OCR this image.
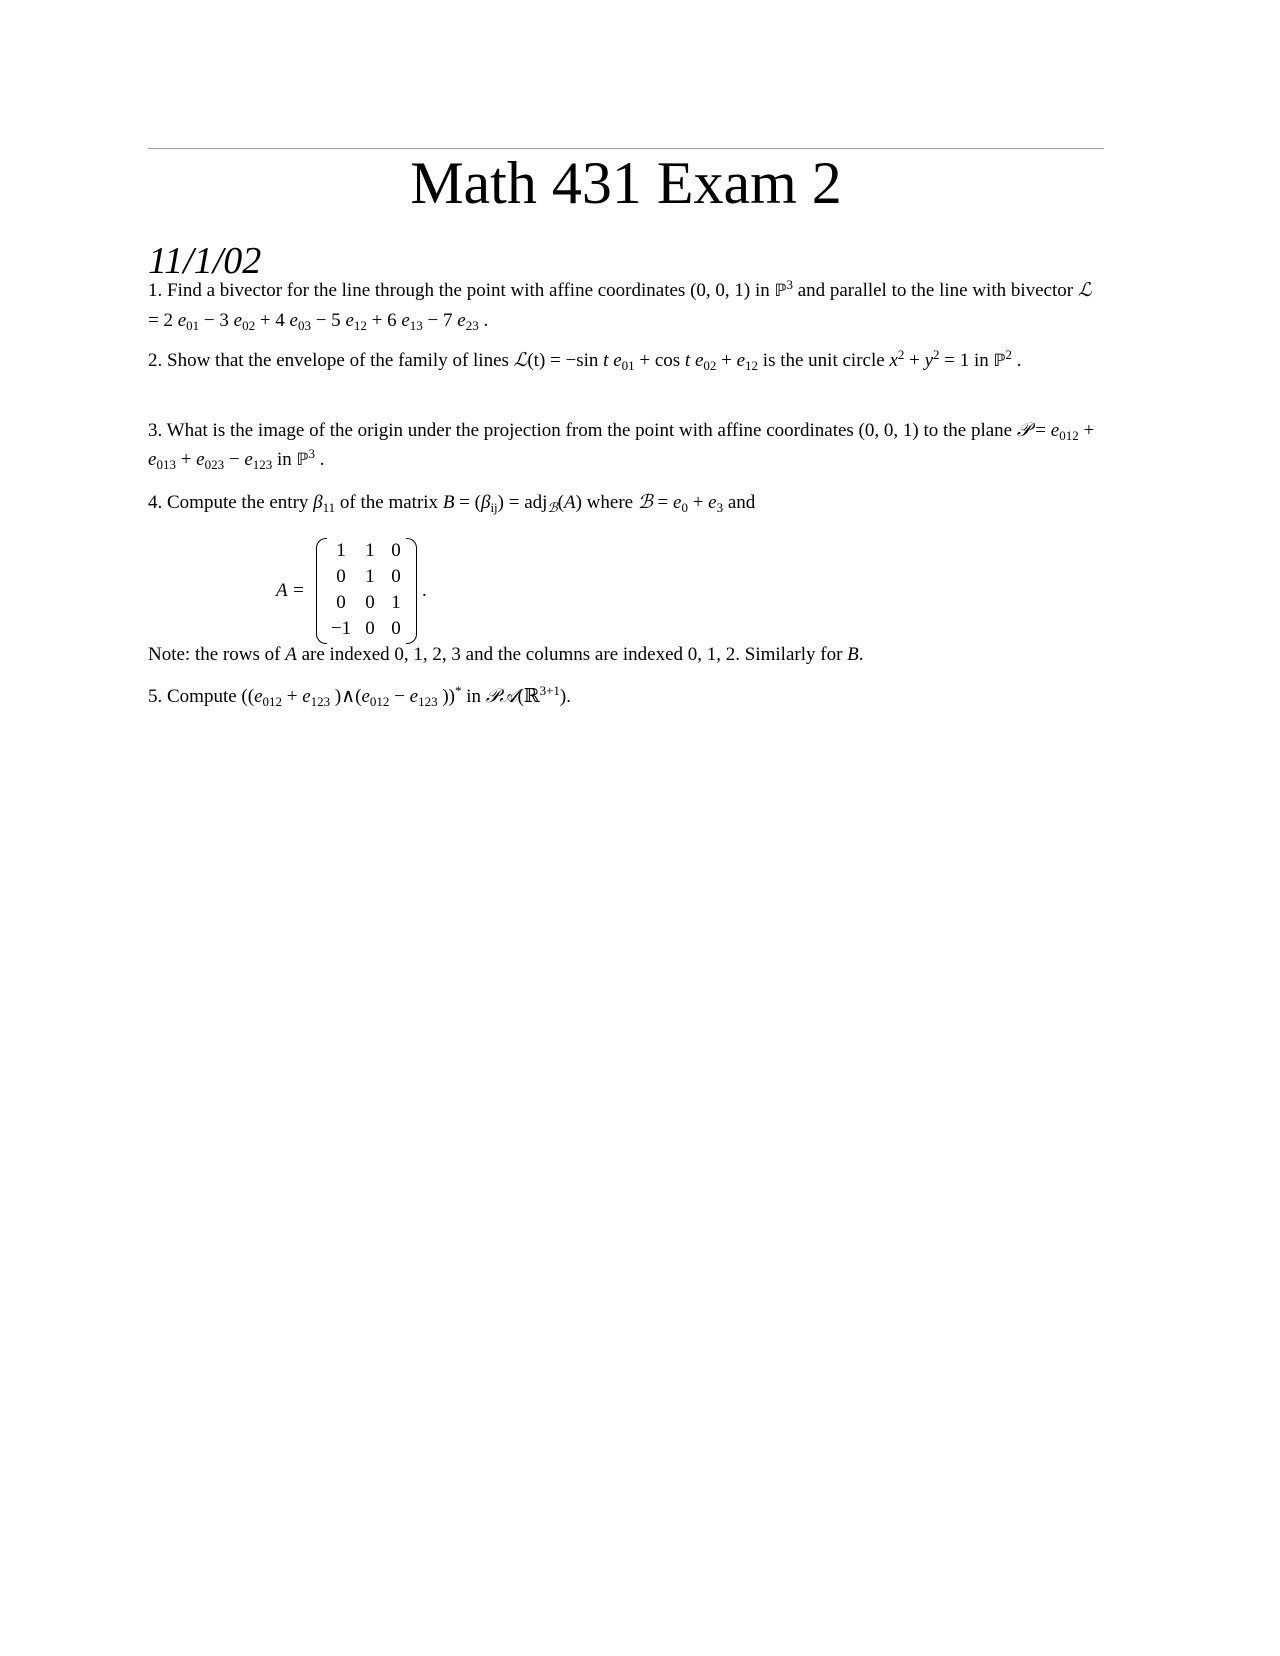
Math 431 Exam 2
11/1/02

1. Find a bivector for the line through the point with affine coordinates (0, 0, 1) in ℙ$^3$ and parallel to the line with bivector ℒ = 2 $e_{01} - 3$ $e_{02} + 4$ $e_{03} - 5$ $e_{12} + 6$ $e_{13} - 7$ $e_{23}$ .

2. Show that the envelope of the family of lines ℒ(t) = −sin t $e_{01} + \cos t$ $e_{02} + e_{12}$ is the unit circle $x^2 + y^2 = 1$ in ℙ$^2$ .

3. What is the image of the origin under the projection from the point with affine coordinates (0, 0, 1) to the plane 𝒫 = $e_{012} + e_{013} + e_{023} - e_{123}$ in ℙ$^3$ .

4. Compute the entry $\beta_{11}$ of the matrix $B = (\beta_{ij}) = adj_ℬ(A)$ where ℬ = $e_0 + e_3$ and

A =
1	1 0
0	1 0
0	0 1
−1 0 0
.

Note: the rows of A are indexed 0, 1, 2, 3 and the columns are indexed 0, 1, 2. Similarly for B.

5. Compute (($e_{012} + e_{123}$ )$\wedge(e_{012} - e_{123}$ ))* in 𝒫𝒜(ℝ$^{3+1}$).
